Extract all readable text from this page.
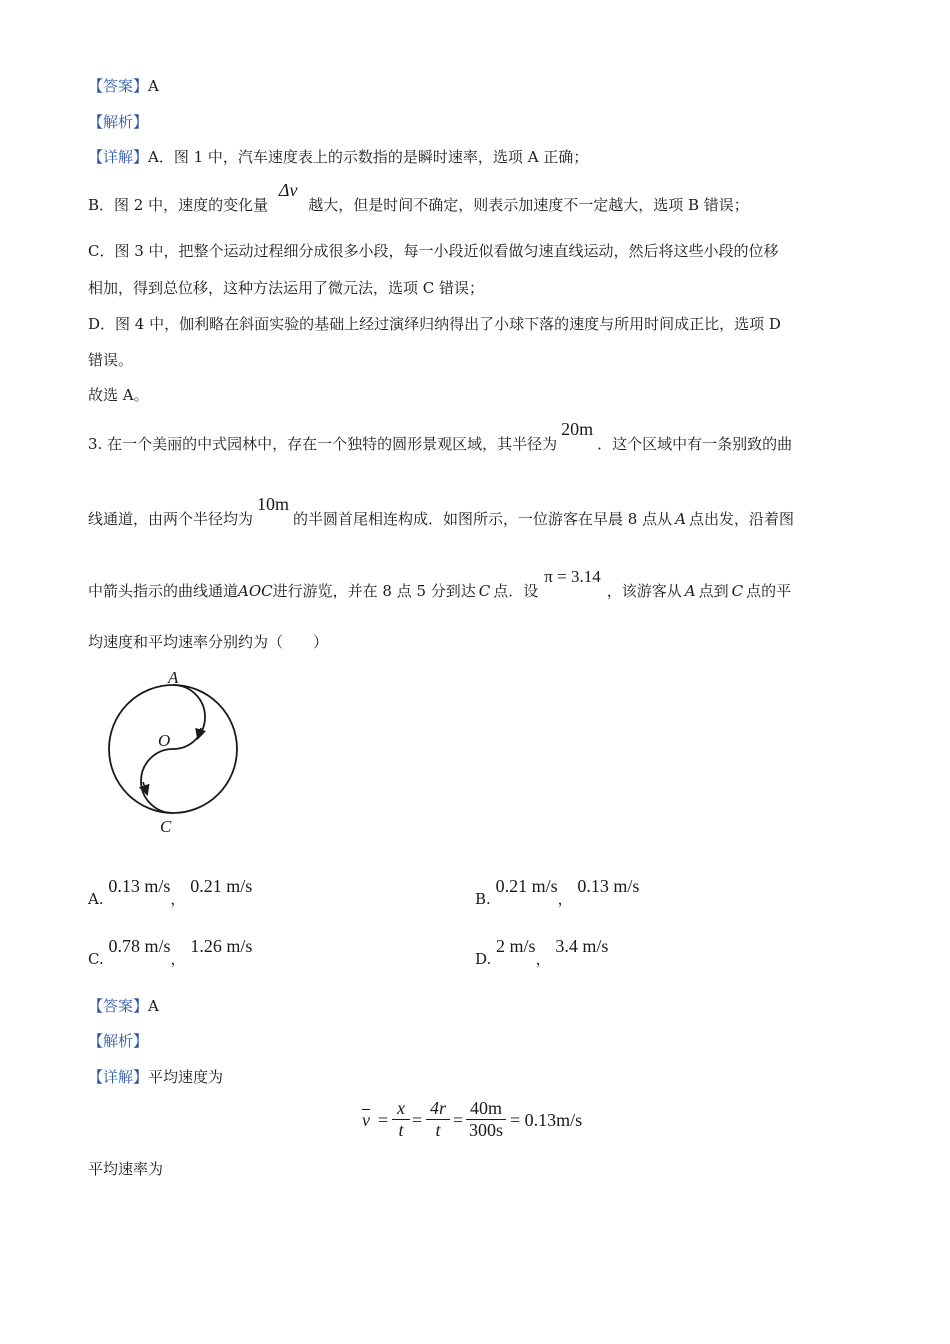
【答案】A
【解析】
【详解】A．图 1 中，汽车速度表上的示数指的是瞬时速率，选项 A 正确；
B．图 2 中，速度的变化量 Δv 越大，但是时间不确定，则表示加速度不一定越大，选项 B 错误；
C．图 3 中，把整个运动过程细分成很多小段，每一小段近似看做匀速直线运动，然后将这些小段的位移
相加，得到总位移，这种方法运用了微元法，选项 C 错误；
D．图 4 中，伽利略在斜面实验的基础上经过演绎归纳得出了小球下落的速度与所用时间成正比，选项 D
错误。
故选 A。
3. 在一个美丽的中式园林中，存在一个独特的圆形景观区域，其半径为20m．这个区域中有一条别致的曲
线通道，由两个半径均为10m的半圆首尾相连构成．如图所示，一位游客在早晨 8 点从 A 点出发，沿着图
中箭头指示的曲线通道AOC进行游览，并在 8 点 5 分到达 C 点．设π = 3.14，该游客从 A 点到 C 点的平
均速度和平均速率分别约为（　　）
A
O
C
A. 0.13 m/s， 0.21 m/s
B. 0.21 m/s， 0.13 m/s
C. 0.78 m/s， 1.26 m/s
D. 2 m/s， 3.4 m/s
【答案】A
【解析】
【详解】平均速度为
$\overline{v} = \frac{x}{t} = \frac{4r}{t} = \frac{40m}{300s} = 0.13m/s$
平均速率为
